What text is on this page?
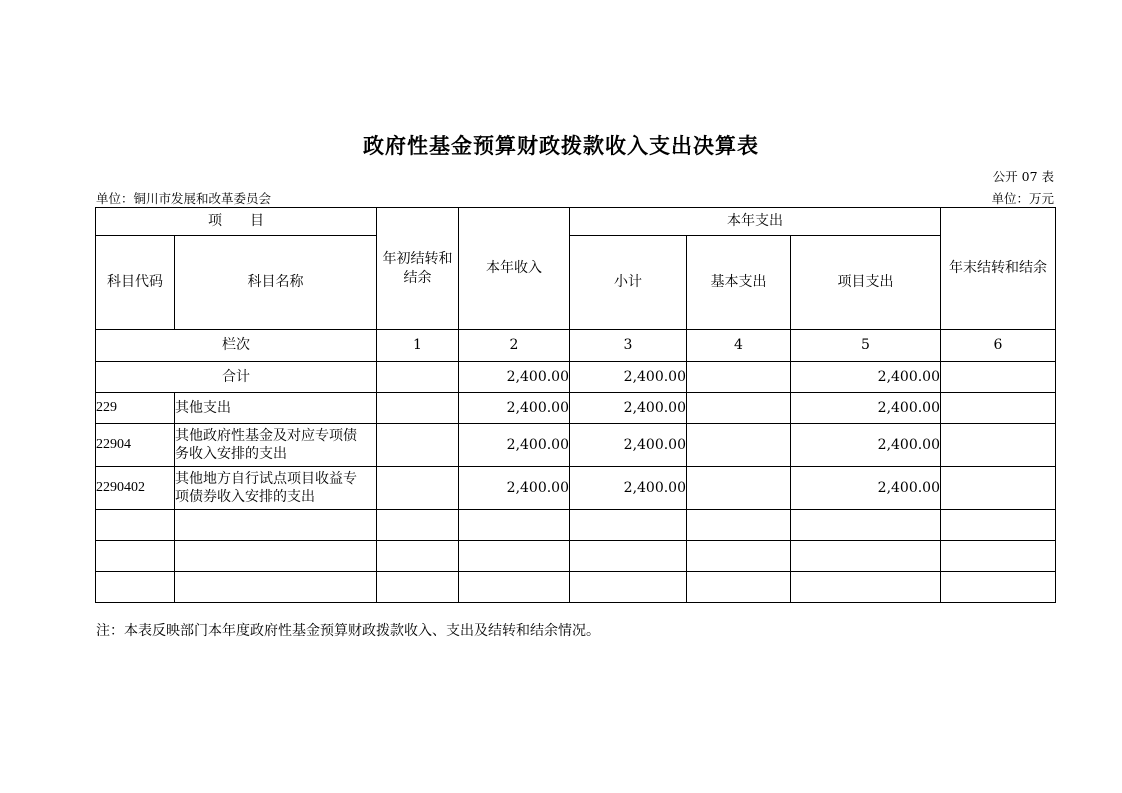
政府性基金预算财政拨款收入支出决算表
公开 07 表
单位：铜川市发展和改革委员会	单位：万元
项　　目		年初结转和结余	本年收入	本年支出			年末结转和结余
科目代码	科目名称			小计	基本支出	项目支出	
栏次		1	2	3	4	5	6
合计			2,400.00	2,400.00		2,400.00	
229	其他支出		2,400.00	2,400.00		2,400.00	
22904	其他政府性基金及对应专项债务收入安排的支出		2,400.00	2,400.00		2,400.00	
2290402	其他地方自行试点项目收益专项债券收入安排的支出		2,400.00	2,400.00		2,400.00	

注：本表反映部门本年度政府性基金预算财政拨款收入、支出及结转和结余情况。
